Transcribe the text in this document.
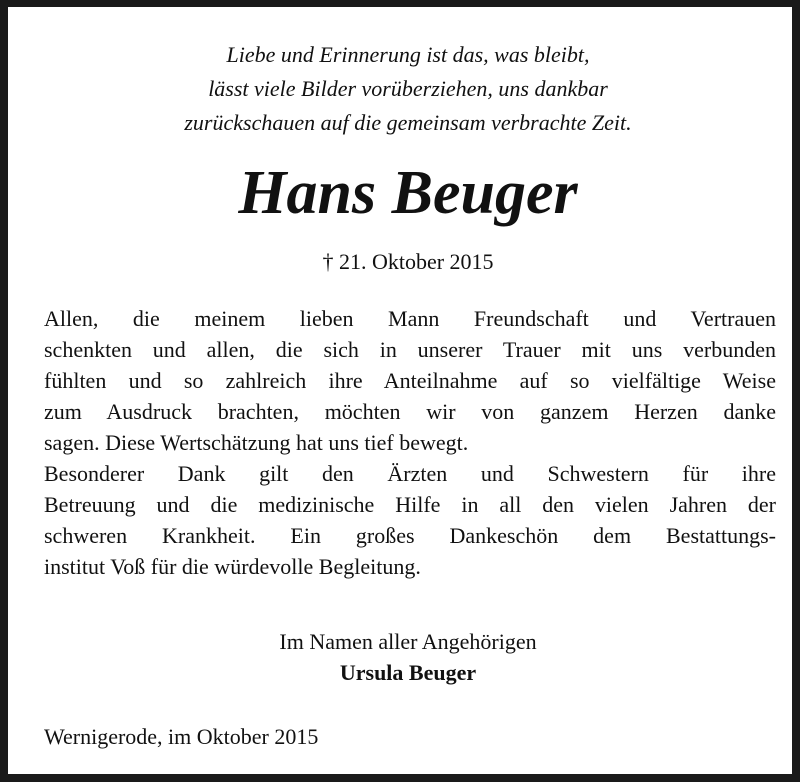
Liebe und Erinnerung ist das, was bleibt,
lässt viele Bilder vorüberziehen, uns dankbar
zurückschauen auf die gemeinsam verbrachte Zeit.
Hans Beuger
† 21. Oktober 2015
Allen, die meinem lieben Mann Freundschaft und Vertrauen
schenkten und allen, die sich in unserer Trauer mit uns verbunden
fühlten und so zahlreich ihre Anteilnahme auf so vielfältige Weise
zum Ausdruck brachten, möchten wir von ganzem Herzen danke
sagen. Diese Wertschätzung hat uns tief bewegt.
Besonderer Dank gilt den Ärzten und Schwestern für ihre
Betreuung und die medizinische Hilfe in all den vielen Jahren der
schweren Krankheit. Ein großes Dankeschön dem Bestattungs-
institut Voß für die würdevolle Begleitung.
Im Namen aller Angehörigen
Ursula Beuger
Wernigerode, im Oktober 2015
